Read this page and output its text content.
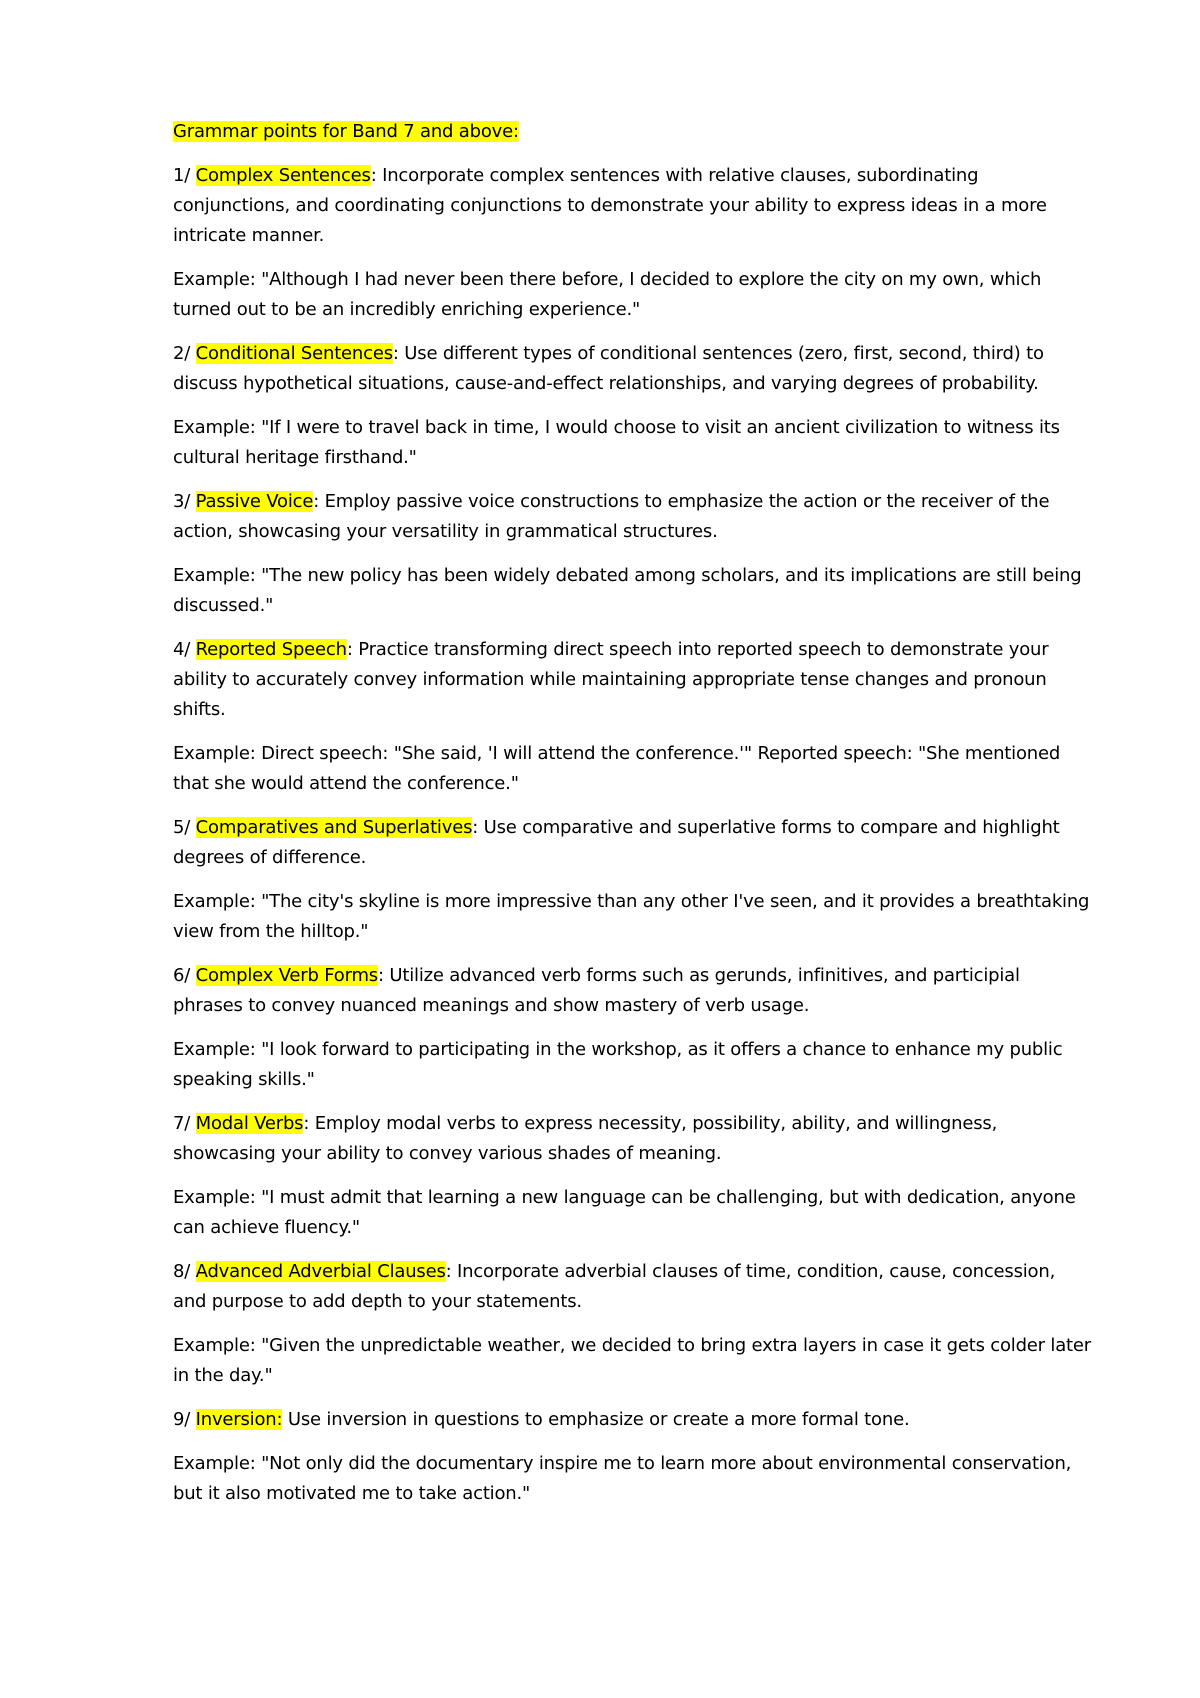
Grammar points for Band 7 and above:

1/ Complex Sentences: Incorporate complex sentences with relative clauses, subordinating conjunctions, and coordinating conjunctions to demonstrate your ability to express ideas in a more intricate manner.

Example: "Although I had never been there before, I decided to explore the city on my own, which turned out to be an incredibly enriching experience."

2/ Conditional Sentences: Use different types of conditional sentences (zero, first, second, third) to discuss hypothetical situations, cause-and-effect relationships, and varying degrees of probability.

Example: "If I were to travel back in time, I would choose to visit an ancient civilization to witness its cultural heritage firsthand."

3/ Passive Voice: Employ passive voice constructions to emphasize the action or the receiver of the action, showcasing your versatility in grammatical structures.

Example: "The new policy has been widely debated among scholars, and its implications are still being discussed."

4/ Reported Speech: Practice transforming direct speech into reported speech to demonstrate your ability to accurately convey information while maintaining appropriate tense changes and pronoun shifts.

Example: Direct speech: "She said, 'I will attend the conference.'" Reported speech: "She mentioned that she would attend the conference."

5/ Comparatives and Superlatives: Use comparative and superlative forms to compare and highlight degrees of difference.

Example: "The city's skyline is more impressive than any other I've seen, and it provides a breathtaking view from the hilltop."

6/ Complex Verb Forms: Utilize advanced verb forms such as gerunds, infinitives, and participial phrases to convey nuanced meanings and show mastery of verb usage.

Example: "I look forward to participating in the workshop, as it offers a chance to enhance my public speaking skills."

7/ Modal Verbs: Employ modal verbs to express necessity, possibility, ability, and willingness, showcasing your ability to convey various shades of meaning.

Example: "I must admit that learning a new language can be challenging, but with dedication, anyone can achieve fluency."

8/ Advanced Adverbial Clauses: Incorporate adverbial clauses of time, condition, cause, concession, and purpose to add depth to your statements.

Example: "Given the unpredictable weather, we decided to bring extra layers in case it gets colder later in the day."

9/ Inversion: Use inversion in questions to emphasize or create a more formal tone.

Example: "Not only did the documentary inspire me to learn more about environmental conservation, but it also motivated me to take action."
